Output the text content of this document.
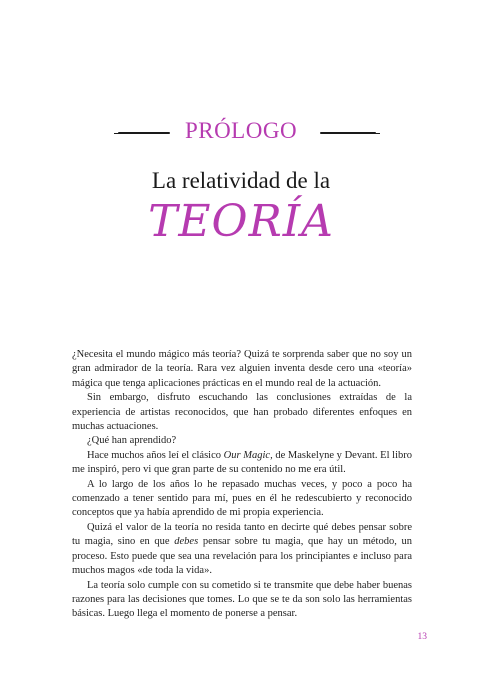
PRÓLOGO
La relatividad de la
TEORÍA

¿Necesita el mundo mágico más teoría? Quizá te sorprenda saber que no soy un gran admirador de la teoría. Rara vez alguien inventa desde cero una «teoría» mágica que tenga aplicaciones prácticas en el mundo real de la actuación.

Sin embargo, disfruto escuchando las conclusiones extraídas de la experiencia de artistas reconocidos, que han probado diferentes enfoques en muchas actuaciones.

¿Qué han aprendido?

Hace muchos años leí el clásico Our Magic, de Maskelyne y Devant. El libro me inspiró, pero vi que gran parte de su contenido no me era útil.

A lo largo de los años lo he repasado muchas veces, y poco a poco ha comenzado a tener sentido para mí, pues en él he redescubierto y reconocido conceptos que ya había aprendido de mi propia experiencia.

Quizá el valor de la teoría no resida tanto en decirte qué debes pensar sobre tu magia, sino en que debes pensar sobre tu magia, que hay un método, un proceso. Esto puede que sea una revelación para los principiantes e incluso para muchos magos «de toda la vida».

La teoría solo cumple con su cometido si te transmite que debe haber buenas razones para las decisiones que tomes. Lo que se te da son solo las herramientas básicas. Luego llega el momento de ponerse a pensar.

13
